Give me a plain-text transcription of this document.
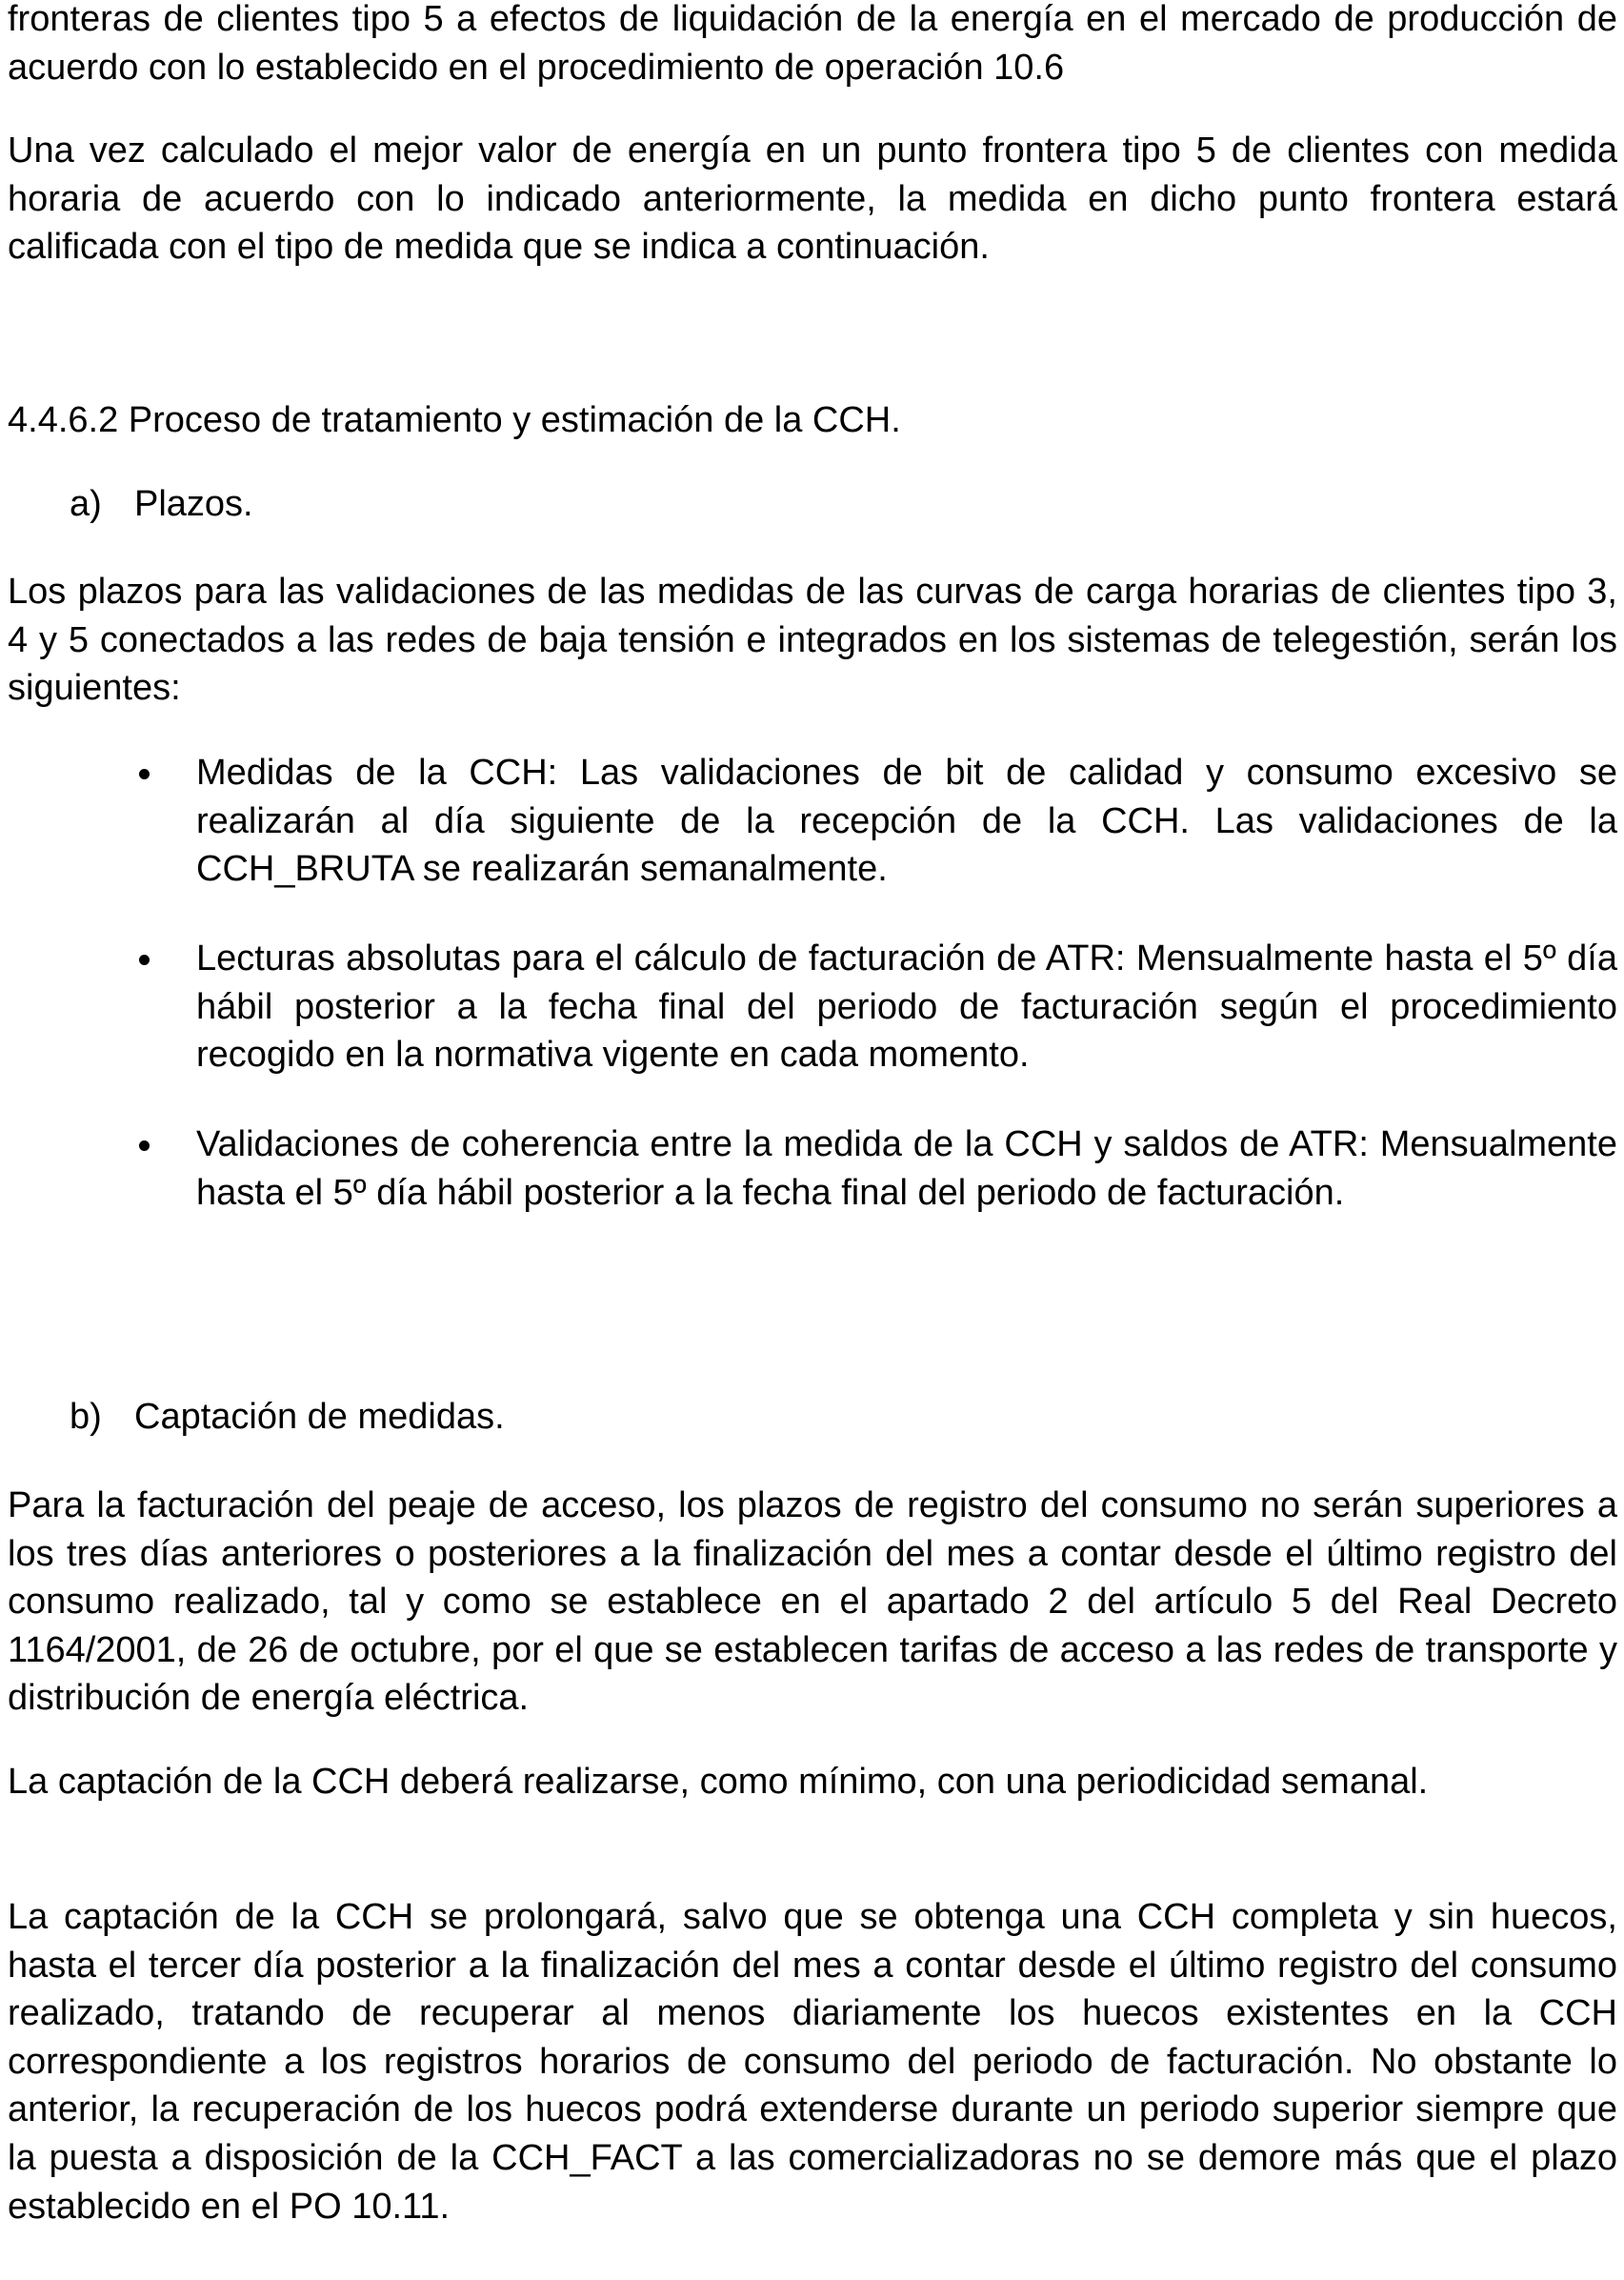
fronteras de clientes tipo 5 a efectos de liquidación de la energía en el mercado de producción de acuerdo con lo establecido en el procedimiento de operación 10.6

Una vez calculado el mejor valor de energía en un punto frontera tipo 5 de clientes con medida horaria de acuerdo con lo indicado anteriormente, la medida en dicho punto frontera estará calificada con el tipo de medida que se indica a continuación.

4.4.6.2 Proceso de tratamiento y estimación de la CCH.
a) Plazos.

Los plazos para las validaciones de las medidas de las curvas de carga horarias de clientes tipo 3, 4 y 5 conectados a las redes de baja tensión e integrados en los sistemas de telegestión, serán los siguientes:

Medidas de la CCH: Las validaciones de bit de calidad y consumo excesivo se realizarán al día siguiente de la recepción de la CCH. Las validaciones de la CCH_BRUTA se realizarán semanalmente.
Lecturas absolutas para el cálculo de facturación de ATR: Mensualmente hasta el 5º día hábil posterior a la fecha final del periodo de facturación según el procedimiento recogido en la normativa vigente en cada momento.
Validaciones de coherencia entre la medida de la CCH y saldos de ATR: Mensualmente hasta el 5º día hábil posterior a la fecha final del periodo de facturación.
b) Captación de medidas.

Para la facturación del peaje de acceso, los plazos de registro del consumo no serán superiores a los tres días anteriores o posteriores a la finalización del mes a contar desde el último registro del consumo realizado, tal y como se establece en el apartado 2 del artículo 5 del Real Decreto 1164/2001, de 26 de octubre, por el que se establecen tarifas de acceso a las redes de transporte y distribución de energía eléctrica.

La captación de la CCH deberá realizarse, como mínimo, con una periodicidad semanal.

La captación de la CCH se prolongará, salvo que se obtenga una CCH completa y sin huecos, hasta el tercer día posterior a la finalización del mes a contar desde el último registro del consumo realizado, tratando de recuperar al menos diariamente los huecos existentes en la CCH correspondiente a los registros horarios de consumo del periodo de facturación. No obstante lo anterior, la recuperación de los huecos podrá extenderse durante un periodo superior siempre que la puesta a disposición de la CCH_FACT a las comercializadoras no se demore más que el plazo establecido en el PO 10.11.
